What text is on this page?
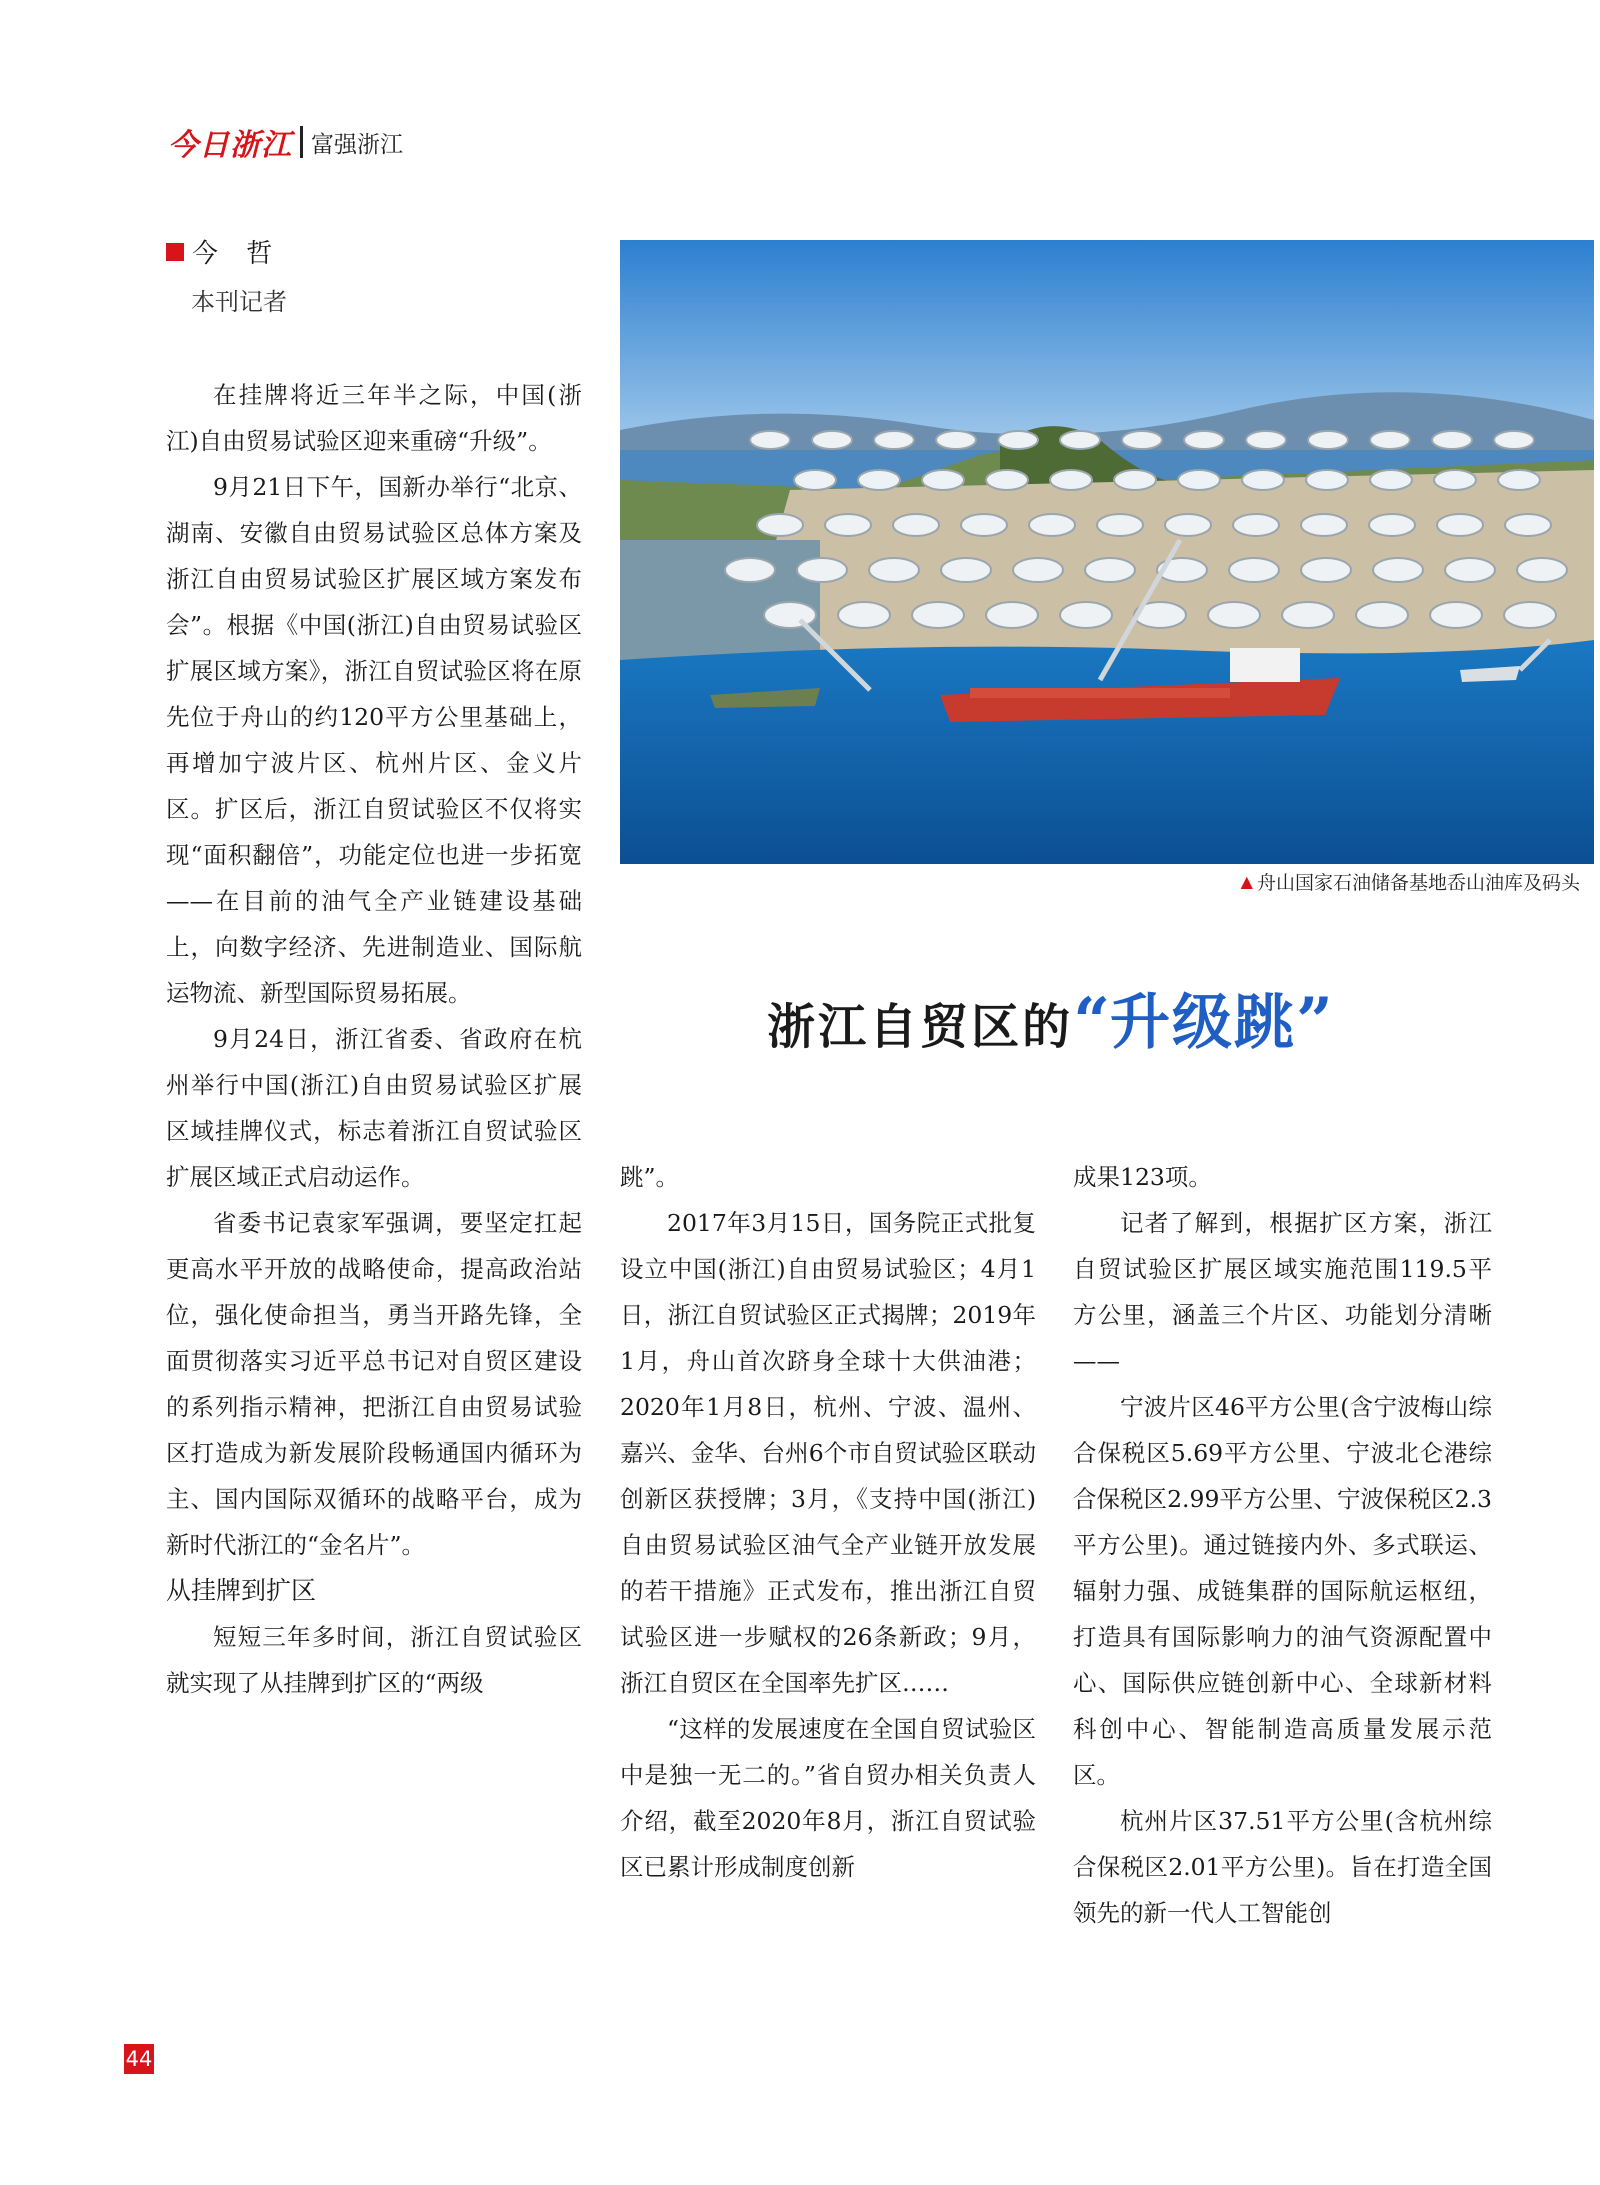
今日浙江 富强浙江
今 哲
本刊记者

在挂牌将近三年半之际，中国(浙江)自由贸易试验区迎来重磅“升级”。

9月21日下午，国新办举行“北京、湖南、安徽自由贸易试验区总体方案及浙江自由贸易试验区扩展区域方案发布会”。根据《中国(浙江)自由贸易试验区扩展区域方案》，浙江自贸试验区将在原先位于舟山的约120平方公里基础上，再增加宁波片区、杭州片区、金义片区。扩区后，浙江自贸试验区不仅将实现“面积翻倍”，功能定位也进一步拓宽——在目前的油气全产业链建设基础上，向数字经济、先进制造业、国际航运物流、新型国际贸易拓展。

9月24日，浙江省委、省政府在杭州举行中国(浙江)自由贸易试验区扩展区域挂牌仪式，标志着浙江自贸试验区扩展区域正式启动运作。

省委书记袁家军强调，要坚定扛起更高水平开放的战略使命，提高政治站位，强化使命担当，勇当开路先锋，全面贯彻落实习近平总书记对自贸区建设的系列指示精神，把浙江自由贸易试验区打造成为新发展阶段畅通国内循环为主、国内国际双循环的战略平台，成为新时代浙江的“金名片”。

从挂牌到扩区

短短三年多时间，浙江自贸试验区就实现了从挂牌到扩区的“两级

▲ 舟山国家石油储备基地岙山油库及码头
浙江自贸区的“升级跳”

跳”。

2017年3月15日，国务院正式批复设立中国(浙江)自由贸易试验区；4月1日，浙江自贸试验区正式揭牌；2019年1月，舟山首次跻身全球十大供油港；2020年1月8日，杭州、宁波、温州、嘉兴、金华、台州6个市自贸试验区联动创新区获授牌；3月，《支持中国(浙江)自由贸易试验区油气全产业链开放发展的若干措施》正式发布，推出浙江自贸试验区进一步赋权的26条新政；9月，浙江自贸区在全国率先扩区……

“这样的发展速度在全国自贸试验区中是独一无二的。”省自贸办相关负责人介绍，截至2020年8月，浙江自贸试验区已累计形成制度创新

成果123项。

记者了解到，根据扩区方案，浙江自贸试验区扩展区域实施范围119.5平方公里，涵盖三个片区、功能划分清晰——

宁波片区46平方公里(含宁波梅山综合保税区5.69平方公里、宁波北仑港综合保税区2.99平方公里、宁波保税区2.3平方公里)。通过链接内外、多式联运、辐射力强、成链集群的国际航运枢纽，打造具有国际影响力的油气资源配置中心、国际供应链创新中心、全球新材料科创中心、智能制造高质量发展示范区。

杭州片区37.51平方公里(含杭州综合保税区2.01平方公里)。旨在打造全国领先的新一代人工智能创

44
